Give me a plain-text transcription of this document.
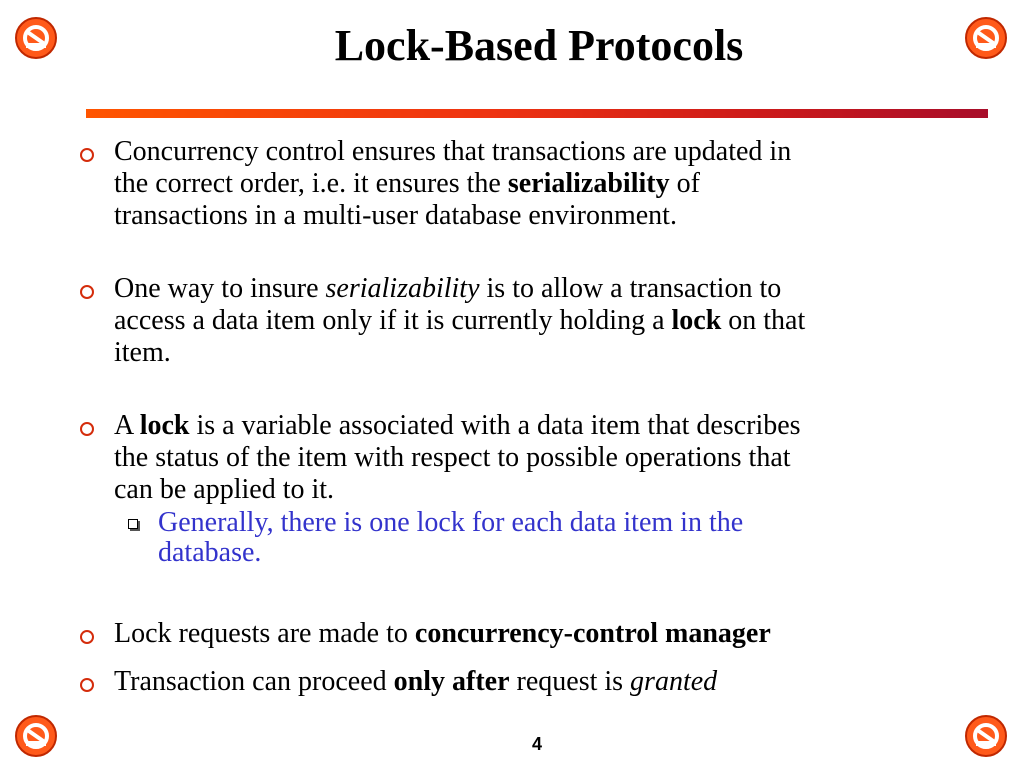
Lock-Based Protocols
Concurrency control ensures that transactions are updated in
the correct order, i.e. it ensures the serializability of
transactions in a multi-user database environment.
One way to insure serializability is to allow a transaction to
access a data item only if it is currently holding a lock on that
item.
A lock is a variable associated with a data item that describes
the status of the item with respect to possible operations that
can be applied to it.
Generally, there is one lock for each data item in the
database.
Lock requests are made to concurrency-control manager
Transaction can proceed only after request is granted
4
